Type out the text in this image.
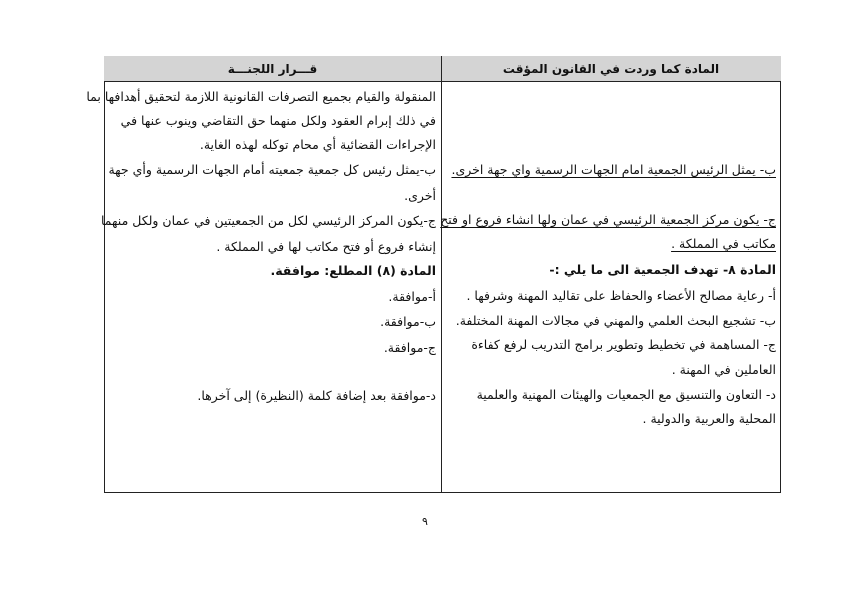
المادة كما وردت في القانون المؤقت
قـــرار اللجنـــة
المنقولة والقيام بجميع التصرفات القانونية اللازمة لتحقيق أهدافها بما
في ذلك إبرام العقود ولكل منهما حق التقاضي وينوب عنها في
الإجراءات القضائية أي محام توكله لهذه الغاية.
ب-يمثل رئيس كل جمعية جمعيته أمام الجهات الرسمية وأي جهة
أخرى.
ج-يكون المركز الرئيسي لكل من الجمعيتين في عمان ولكل منهما
إنشاء فروع أو فتح مكاتب لها في المملكة .
المادة (٨) المطلع: موافقة.
أ-موافقة.
ب-موافقة.
ج-موافقة.
د-موافقة بعد إضافة كلمة (النظيرة) إلى آخرها.
ب- يمثل الرئيس الجمعية امام الجهات الرسمية واي جهة اخرى.
ج- يكون مركز الجمعية الرئيسي في عمان ولها انشاء فروع او فتح
مكاتب في المملكة .
المادة ٨- تهدف الجمعية الى ما يلي :-
أ- رعاية مصالح الأعضاء والحفاظ على تقاليد المهنة وشرفها .
ب- تشجيع البحث العلمي والمهني في مجالات المهنة المختلفة.
ج- المساهمة في تخطيط وتطوير برامج التدريب لرفع كفاءة
العاملين في المهنة .
د- التعاون والتنسيق مع الجمعيات والهيئات المهنية والعلمية
المحلية والعربية والدولية .
٩
